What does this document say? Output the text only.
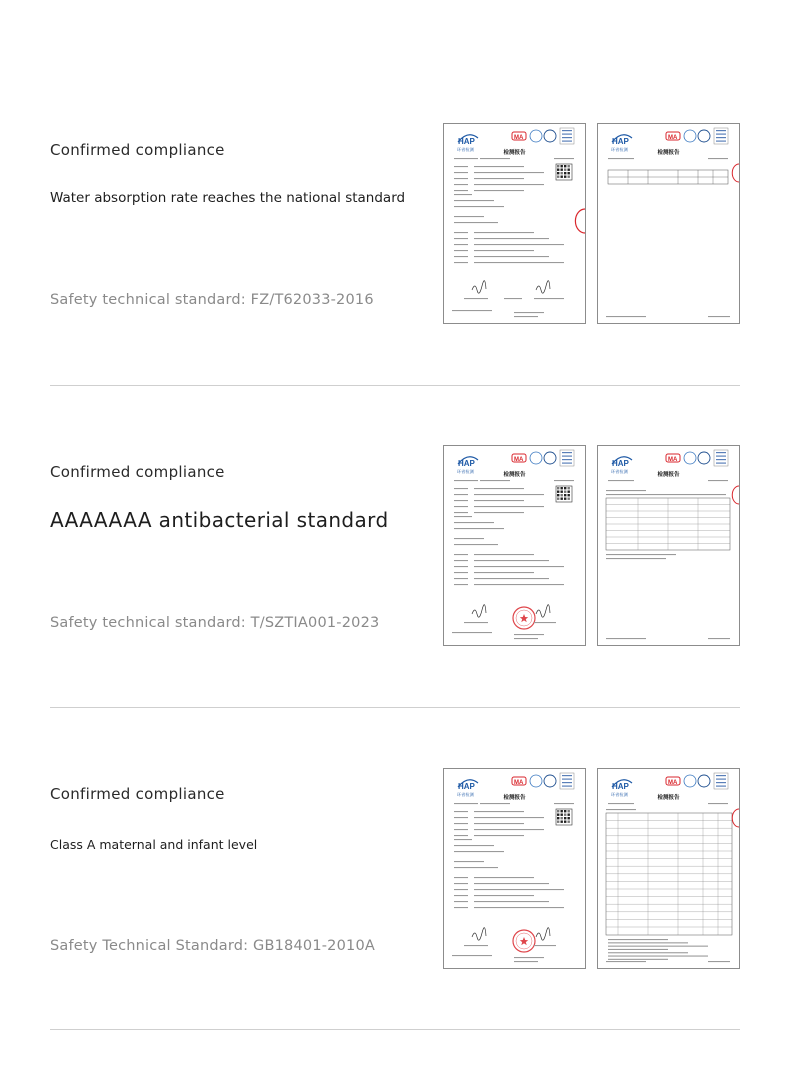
Confirmed compliance
Water absorption rate reaches the national standard
Safety technical standard: FZ/T62033-2016
HAP
环省检测
MA
检测报告
HAP
环省检测
MA
检测报告
Confirmed compliance
AAAAAAA antibacterial standard
Safety technical standard: T/SZTIA001-2023
HAP
环省检测
MA
检测报告
HAP
环省检测
MA
检测报告
Confirmed compliance
Class A maternal and infant level
Safety Technical Standard: GB18401-2010A
HAP
环省检测
MA
检测报告
HAP
环省检测
MA
检测报告
